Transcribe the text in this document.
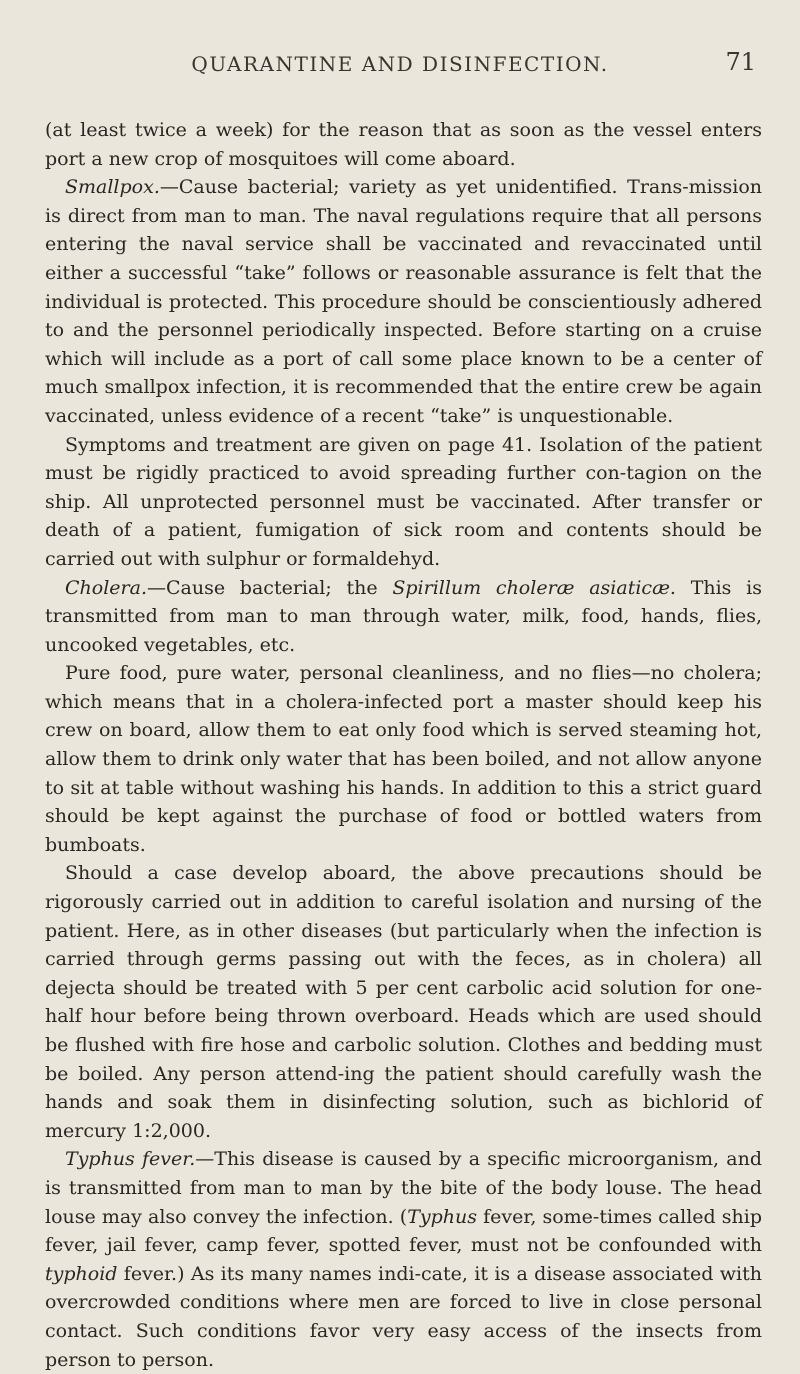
QUARANTINE AND DISINFECTION.	71

(at least twice a week) for the reason that as soon as the vessel enters port a new crop of mosquitoes will come aboard.

Smallpox.—Cause bacterial; variety as yet unidentified. Trans-mission is direct from man to man. The naval regulations require that all persons entering the naval service shall be vaccinated and revaccinated until either a successful “take” follows or reasonable assurance is felt that the individual is protected. This procedure should be conscientiously adhered to and the personnel periodically inspected. Before starting on a cruise which will include as a port of call some place known to be a center of much smallpox infection, it is recommended that the entire crew be again vaccinated, unless evidence of a recent “take” is unquestionable.

Symptoms and treatment are given on page 41. Isolation of the patient must be rigidly practiced to avoid spreading further con-tagion on the ship. All unprotected personnel must be vaccinated. After transfer or death of a patient, fumigation of sick room and contents should be carried out with sulphur or formaldehyd.

Cholera.—Cause bacterial; the Spirillum choleræ asiaticæ. This is transmitted from man to man through water, milk, food, hands, flies, uncooked vegetables, etc.

Pure food, pure water, personal cleanliness, and no flies—no cholera; which means that in a cholera-infected port a master should keep his crew on board, allow them to eat only food which is served steaming hot, allow them to drink only water that has been boiled, and not allow anyone to sit at table without washing his hands. In addition to this a strict guard should be kept against the purchase of food or bottled waters from bumboats.

Should a case develop aboard, the above precautions should be rigorously carried out in addition to careful isolation and nursing of the patient. Here, as in other diseases (but particularly when the infection is carried through germs passing out with the feces, as in cholera) all dejecta should be treated with 5 per cent carbolic acid solution for one-half hour before being thrown overboard. Heads which are used should be flushed with fire hose and carbolic solution. Clothes and bedding must be boiled. Any person attend-ing the patient should carefully wash the hands and soak them in disinfecting solution, such as bichlorid of mercury 1:2,000.

Typhus fever.—This disease is caused by a specific microorganism, and is transmitted from man to man by the bite of the body louse. The head louse may also convey the infection. (Typhus fever, some-times called ship fever, jail fever, camp fever, spotted fever, must not be confounded with typhoid fever.) As its many names indi-cate, it is a disease associated with overcrowded conditions where men are forced to live in close personal contact. Such conditions favor very easy access of the insects from person to person.
